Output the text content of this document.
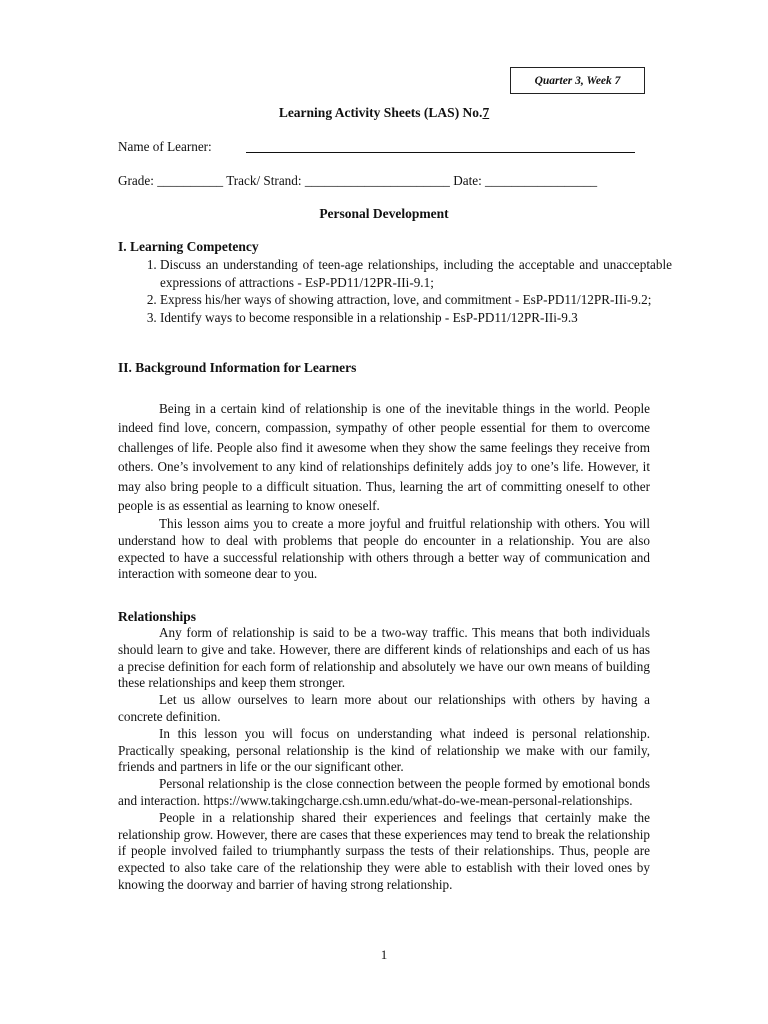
Quarter 3, Week 7
Learning Activity Sheets (LAS) No.7
Name of Learner:
Grade: __________ Track/ Strand: ______________________ Date: _________________
Personal Development
I. Learning Competency
1. Discuss an understanding of teen-age relationships, including the acceptable and unacceptable expressions of attractions - EsP-PD11/12PR-IIi-9.1;
2. Express his/her ways of showing attraction, love, and commitment - EsP-PD11/12PR-IIi-9.2;
3. Identify ways to become responsible in a relationship - EsP-PD11/12PR-IIi-9.3
II. Background Information for Learners

Being in a certain kind of relationship is one of the inevitable things in the world. People indeed find love, concern, compassion, sympathy of other people essential for them to overcome challenges of life. People also find it awesome when they show the same feelings they receive from others. One’s involvement to any kind of relationships definitely adds joy to one’s life. However, it may also bring people to a difficult situation. Thus, learning the art of committing oneself to other people is as essential as learning to know oneself.

This lesson aims you to create a more joyful and fruitful relationship with others. You will understand how to deal with problems that people do encounter in a relationship. You are also expected to have a successful relationship with others through a better way of communication and interaction with someone dear to you.

Relationships

Any form of relationship is said to be a two-way traffic. This means that both individuals should learn to give and take. However, there are different kinds of relationships and each of us has a precise definition for each form of relationship and absolutely we have our own means of building these relationships and keep them stronger.

Let us allow ourselves to learn more about our relationships with others by having a concrete definition.

In this lesson you will focus on understanding what indeed is personal relationship. Practically speaking, personal relationship is the kind of relationship we make with our family, friends and partners in life or the our significant other.

Personal relationship is the close connection between the people formed by emotional bonds and interaction. https://www.takingcharge.csh.umn.edu/what-do-we-mean-personal-relationships.

People in a relationship shared their experiences and feelings that certainly make the relationship grow. However, there are cases that these experiences may tend to break the relationship if people involved failed to triumphantly surpass the tests of their relationships. Thus, people are expected to also take care of the relationship they were able to establish with their loved ones by knowing the doorway and barrier of having strong relationship.

1
